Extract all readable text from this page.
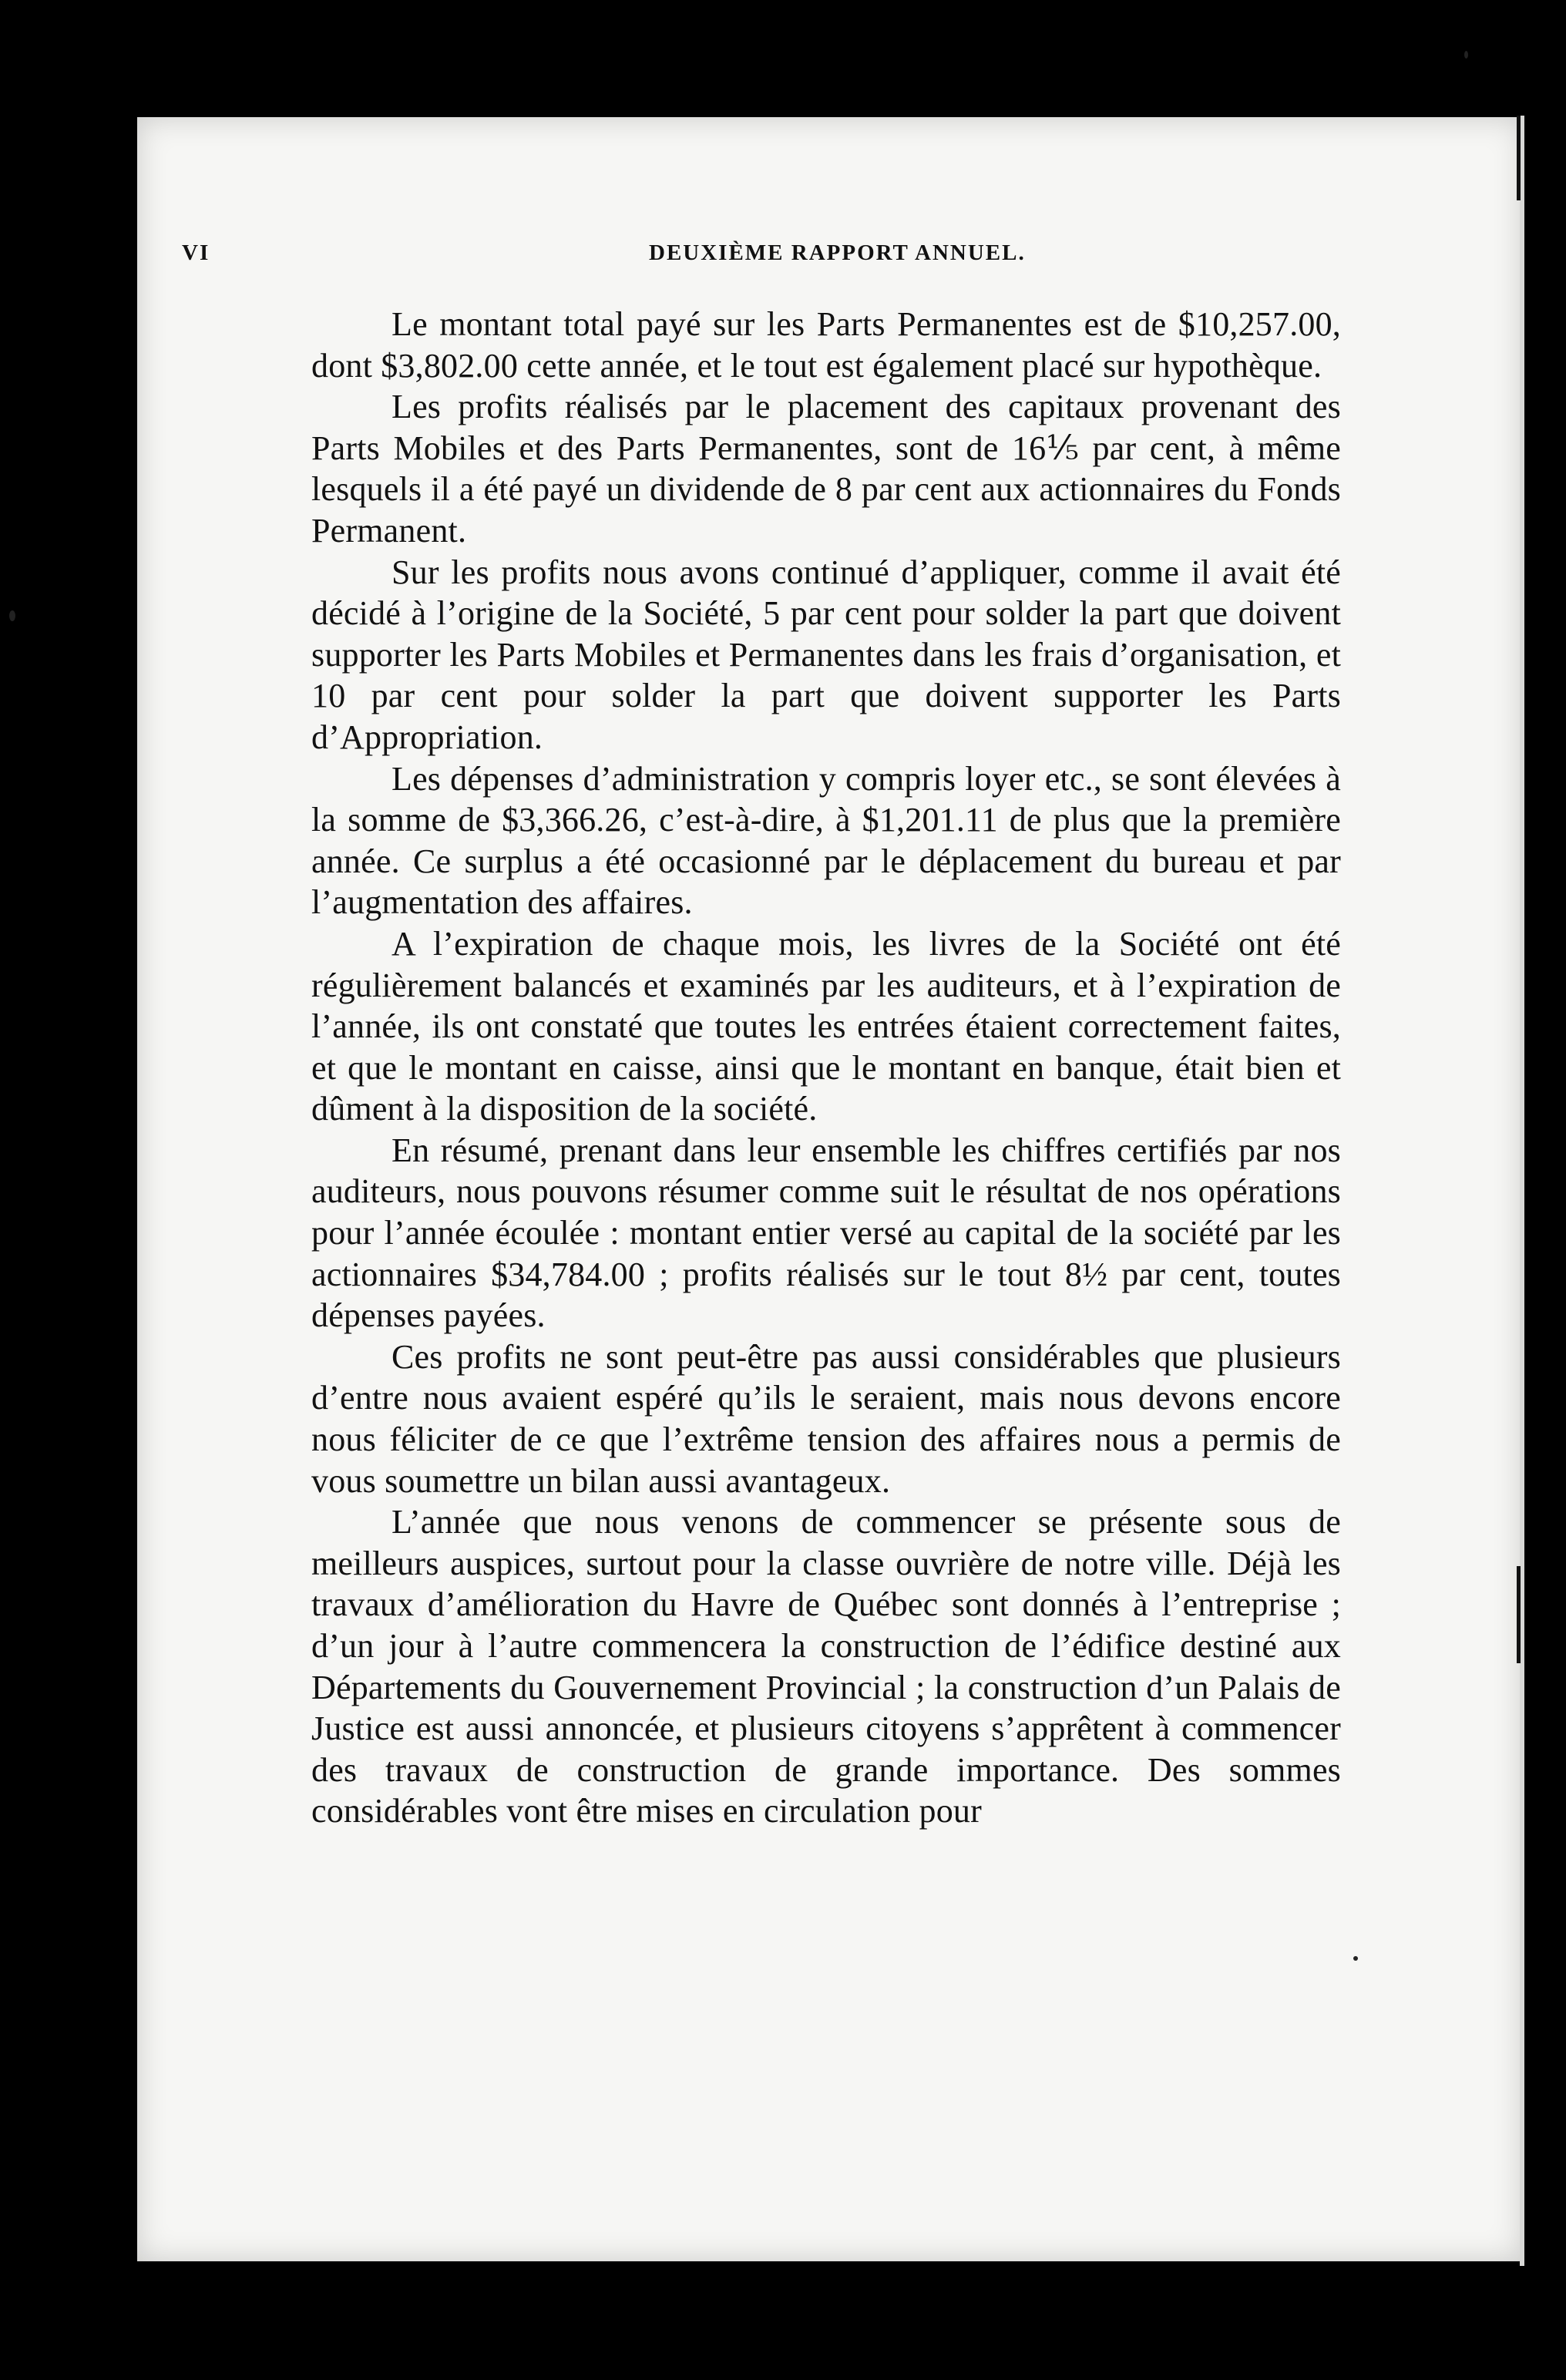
VI	DEUXIÈME RAPPORT ANNUEL.

Le montant total payé sur les Parts Permanentes est de $10,257.00, dont $3,802.00 cette année, et le tout est également placé sur hypothèque.

Les profits réalisés par le placement des capitaux provenant des Parts Mobiles et des Parts Permanentes, sont de 16⅕ par cent, à même lesquels il a été payé un dividende de 8 par cent aux actionnaires du Fonds Permanent.

Sur les profits nous avons continué d’appliquer, comme il avait été décidé à l’origine de la Société, 5 par cent pour solder la part que doivent supporter les Parts Mobiles et Permanentes dans les frais d’organisation, et 10 par cent pour solder la part que doivent supporter les Parts d’Appropriation.

Les dépenses d’administration y compris loyer etc., se sont élevées à la somme de $3,366.26, c’est-à-dire, à $1,201.11 de plus que la première année. Ce surplus a été occasionné par le déplacement du bureau et par l’augmentation des affaires.

A l’expiration de chaque mois, les livres de la Société ont été régulièrement balancés et examinés par les auditeurs, et à l’expiration de l’année, ils ont constaté que toutes les entrées étaient correctement faites, et que le montant en caisse, ainsi que le montant en banque, était bien et dûment à la disposition de la société.

En résumé, prenant dans leur ensemble les chiffres certifiés par nos auditeurs, nous pouvons résumer comme suit le résultat de nos opérations pour l’année écoulée : montant entier versé au capital de la société par les actionnaires $34,784.00 ; profits réalisés sur le tout 8½ par cent, toutes dépenses payées.

Ces profits ne sont peut-être pas aussi considérables que plusieurs d’entre nous avaient espéré qu’ils le seraient, mais nous devons encore nous féliciter de ce que l’extrême tension des affaires nous a permis de vous soumettre un bilan aussi avantageux.

L’année que nous venons de commencer se présente sous de meilleurs auspices, surtout pour la classe ouvrière de notre ville. Déjà les travaux d’amélioration du Havre de Québec sont donnés à l’entreprise ; d’un jour à l’autre commencera la construction de l’édifice destiné aux Départements du Gouvernement Provincial ; la construction d’un Palais de Justice est aussi annoncée, et plusieurs citoyens s’apprêtent à commencer des travaux de construction de grande importance. Des sommes considérables vont être mises en circulation pour
